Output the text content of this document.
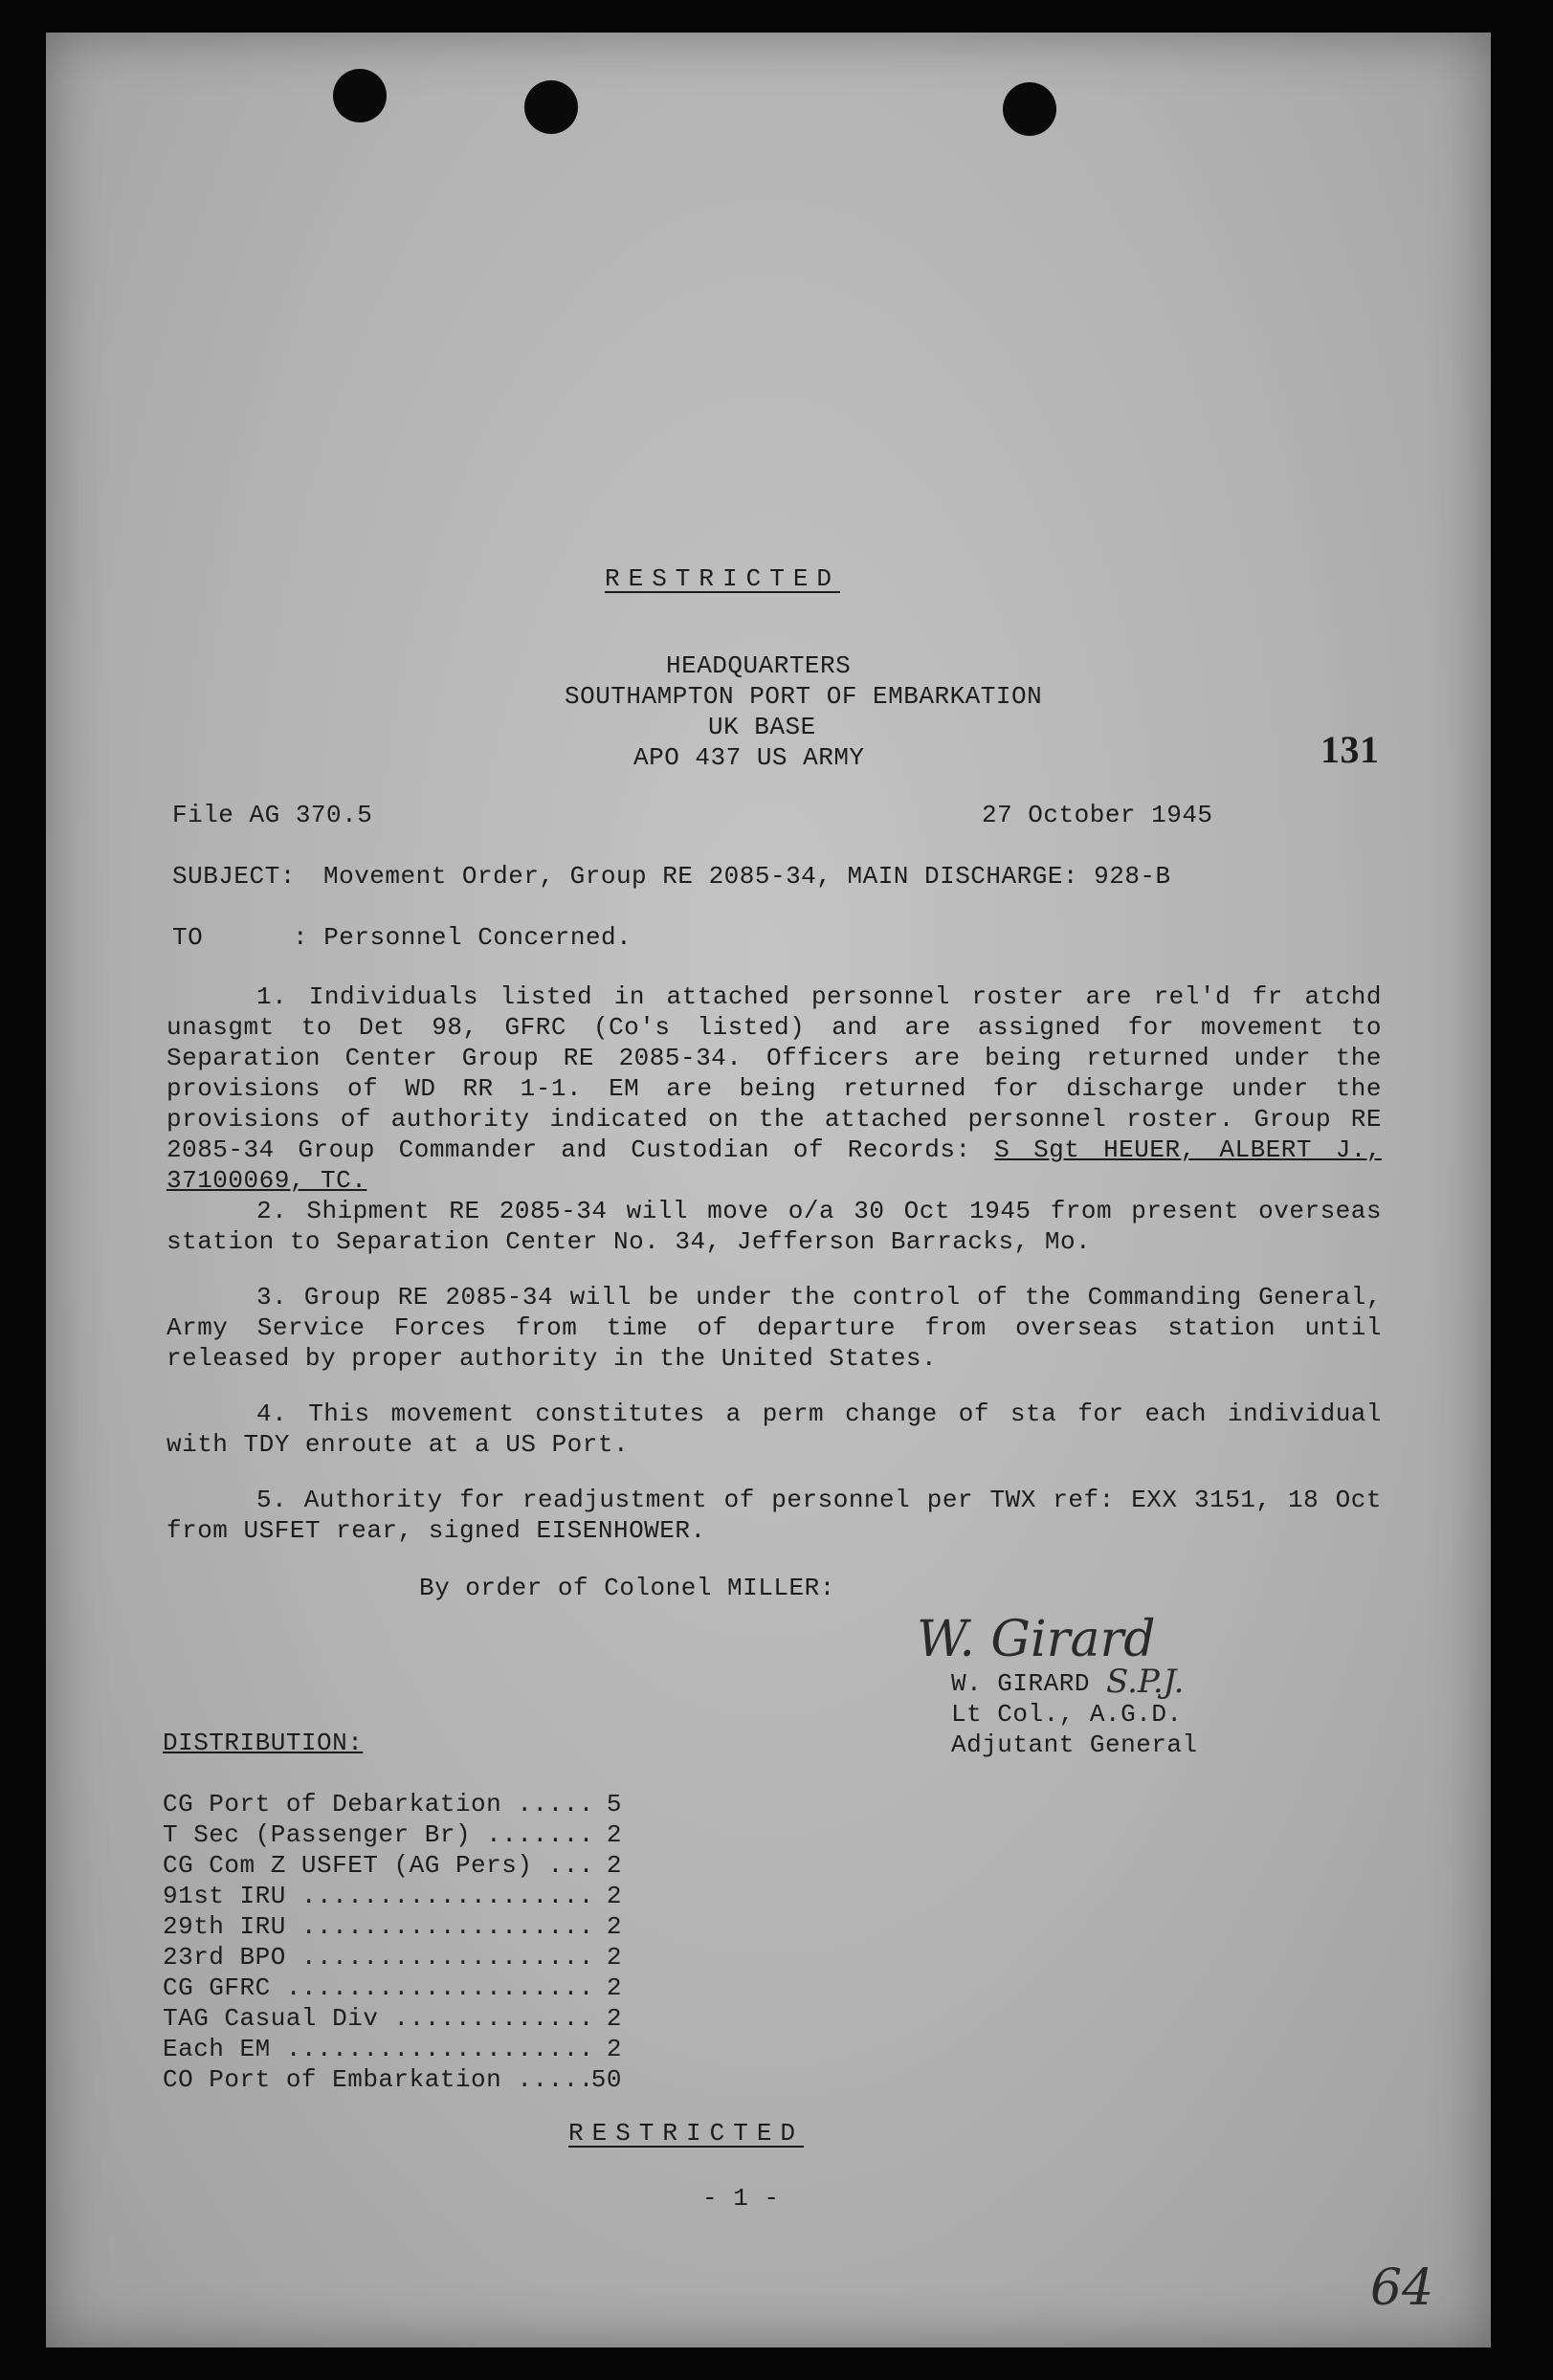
RESTRICTED
HEADQUARTERS
SOUTHAMPTON PORT OF EMBARKATION
UK BASE
APO 437 US ARMY	131
File AG 370.5	27 October 1945
SUBJECT: Movement Order, Group RE 2085-34, MAIN DISCHARGE: 928-B
TO	: Personnel Concerned.
1. Individuals listed in attached personnel roster are rel'd fr atchd unasgmt to Det 98, GFRC (Co's listed) and are assigned for movement to Separation Center Group RE 2085-34. Officers are being returned under the provisions of WD RR 1-1. EM are being returned for discharge under the provisions of authority indicated on the attached personnel roster. Group RE 2085-34 Group Commander and Custodian of Records: S Sgt HEUER, ALBERT J., 37100069, TC.
2. Shipment RE 2085-34 will move o/a 30 Oct 1945 from present overseas station to Separation Center No. 34, Jefferson Barracks, Mo.
3. Group RE 2085-34 will be under the control of the Commanding General, Army Service Forces from time of departure from overseas station until released by proper authority in the United States.
4. This movement constitutes a perm change of sta for each individual with TDY enroute at a US Port.
5. Authority for readjustment of personnel per TWX ref: EXX 3151, 18 Oct from USFET rear, signed EISENHOWER.
By order of Colonel MILLER:
W. Girard
W. GIRARD S.P.J.
Lt Col., A.G.D.
Adjutant General
DISTRIBUTION:
CG Port of Debarkation .....	5
T Sec (Passenger Br) .....	2
CG Com Z USFET (AG Pers) .....	2
91st IRU .....	2
29th IRU .....	2
23rd BPO .....	2
CG GFRC .....	2
TAG Casual Div .....	2
Each EM .....	2
CO Port of Embarkation .....	50
RESTRICTED
- 1 -
64
